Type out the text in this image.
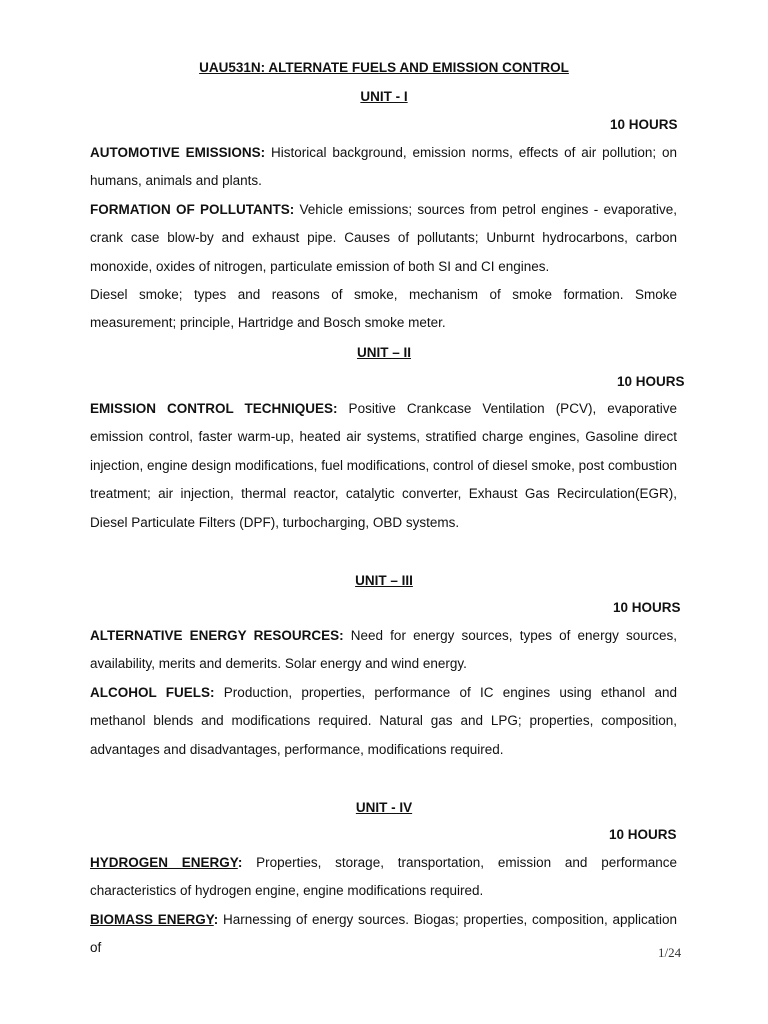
UAU531N: ALTERNATE FUELS AND EMISSION CONTROL
UNIT - I
10 HOURS
AUTOMOTIVE EMISSIONS: Historical background, emission norms, effects of air pollution; on humans, animals and plants.
FORMATION OF POLLUTANTS: Vehicle emissions; sources from petrol engines - evaporative, crank case blow-by and exhaust pipe. Causes of pollutants; Unburnt hydrocarbons, carbon monoxide, oxides of nitrogen, particulate emission of both SI and CI engines.
Diesel smoke; types and reasons of smoke, mechanism of smoke formation. Smoke measurement; principle, Hartridge and Bosch smoke meter.
UNIT – II
10 HOURS
EMISSION CONTROL TECHNIQUES: Positive Crankcase Ventilation (PCV), evaporative emission control, faster warm-up, heated air systems, stratified charge engines, Gasoline direct injection, engine design modifications, fuel modifications, control of diesel smoke, post combustion treatment; air injection, thermal reactor, catalytic converter, Exhaust Gas Recirculation(EGR), Diesel Particulate Filters (DPF), turbocharging, OBD systems.
UNIT – III
10 HOURS
ALTERNATIVE ENERGY RESOURCES: Need for energy sources, types of energy sources, availability, merits and demerits. Solar energy and wind energy.
ALCOHOL FUELS: Production, properties, performance of IC engines using ethanol and methanol blends and modifications required. Natural gas and LPG; properties, composition, advantages and disadvantages, performance, modifications required.
UNIT - IV
10 HOURS
HYDROGEN ENERGY: Properties, storage, transportation, emission and performance characteristics of hydrogen engine, engine modifications required.
BIOMASS ENERGY: Harnessing of energy sources. Biogas; properties, composition, application of	1/24
